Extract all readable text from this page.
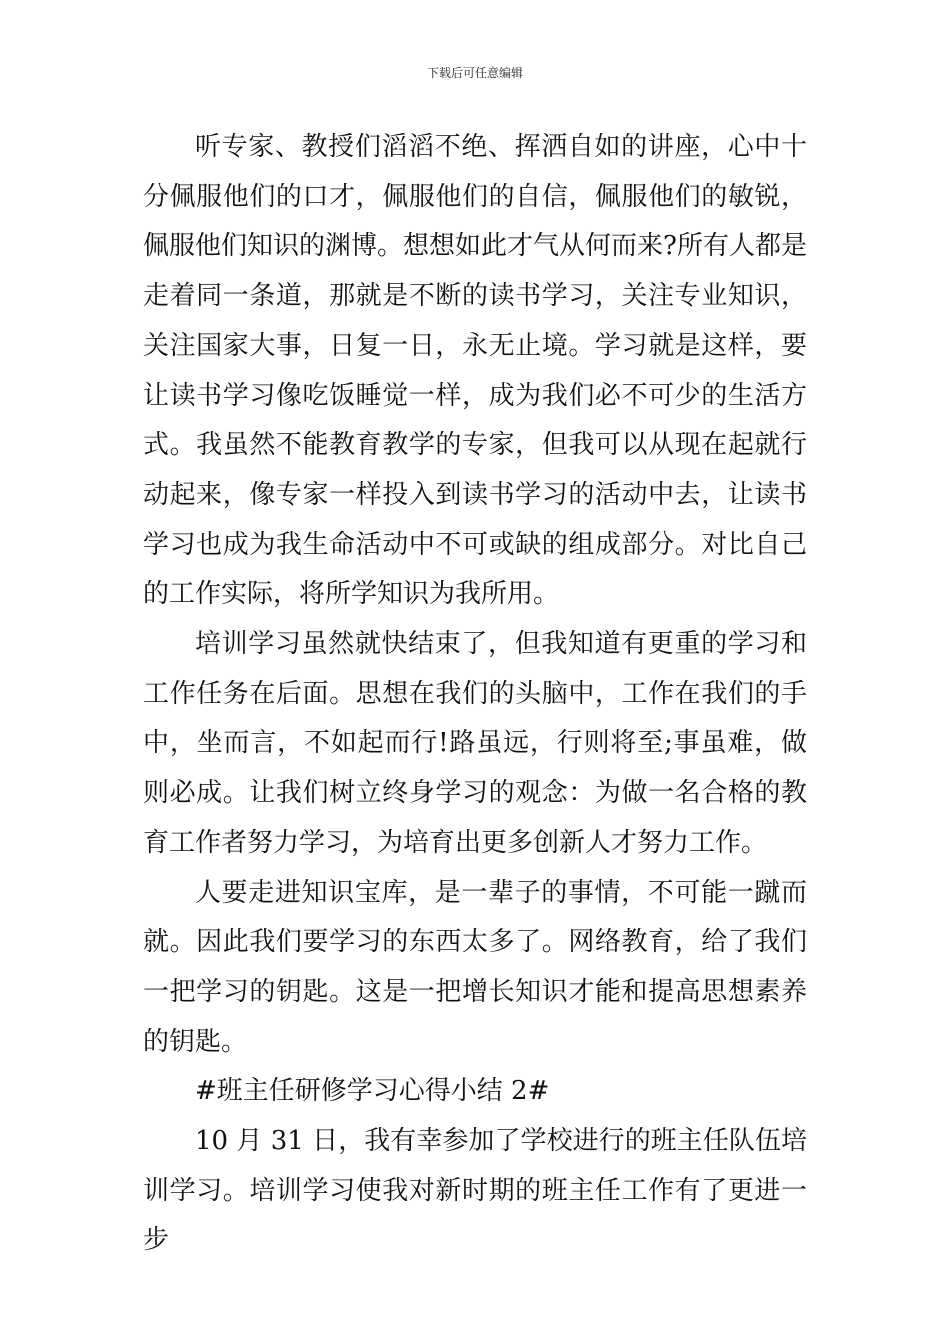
下载后可任意编辑

听专家、教授们滔滔不绝、挥洒自如的讲座，心中十分佩服他们的口才，佩服他们的自信，佩服他们的敏锐，佩服他们知识的渊博。想想如此才气从何而来?所有人都是走着同一条道，那就是不断的读书学习，关注专业知识，关注国家大事，日复一日，永无止境。学习就是这样，要让读书学习像吃饭睡觉一样，成为我们必不可少的生活方式。我虽然不能教育教学的专家，但我可以从现在起就行动起来，像专家一样投入到读书学习的活动中去，让读书学习也成为我生命活动中不可或缺的组成部分。对比自己的工作实际，将所学知识为我所用。

培训学习虽然就快结束了，但我知道有更重的学习和工作任务在后面。思想在我们的头脑中，工作在我们的手中，坐而言，不如起而行!路虽远，行则将至;事虽难，做则必成。让我们树立终身学习的观念：为做一名合格的教育工作者努力学习，为培育出更多创新人才努力工作。

人要走进知识宝库，是一辈子的事情，不可能一蹴而就。因此我们要学习的东西太多了。网络教育，给了我们一把学习的钥匙。这是一把增长知识才能和提高思想素养的钥匙。

#班主任研修学习心得小结 2#

10 月 31 日，我有幸参加了学校进行的班主任队伍培训学习。培训学习使我对新时期的班主任工作有了更进一步
